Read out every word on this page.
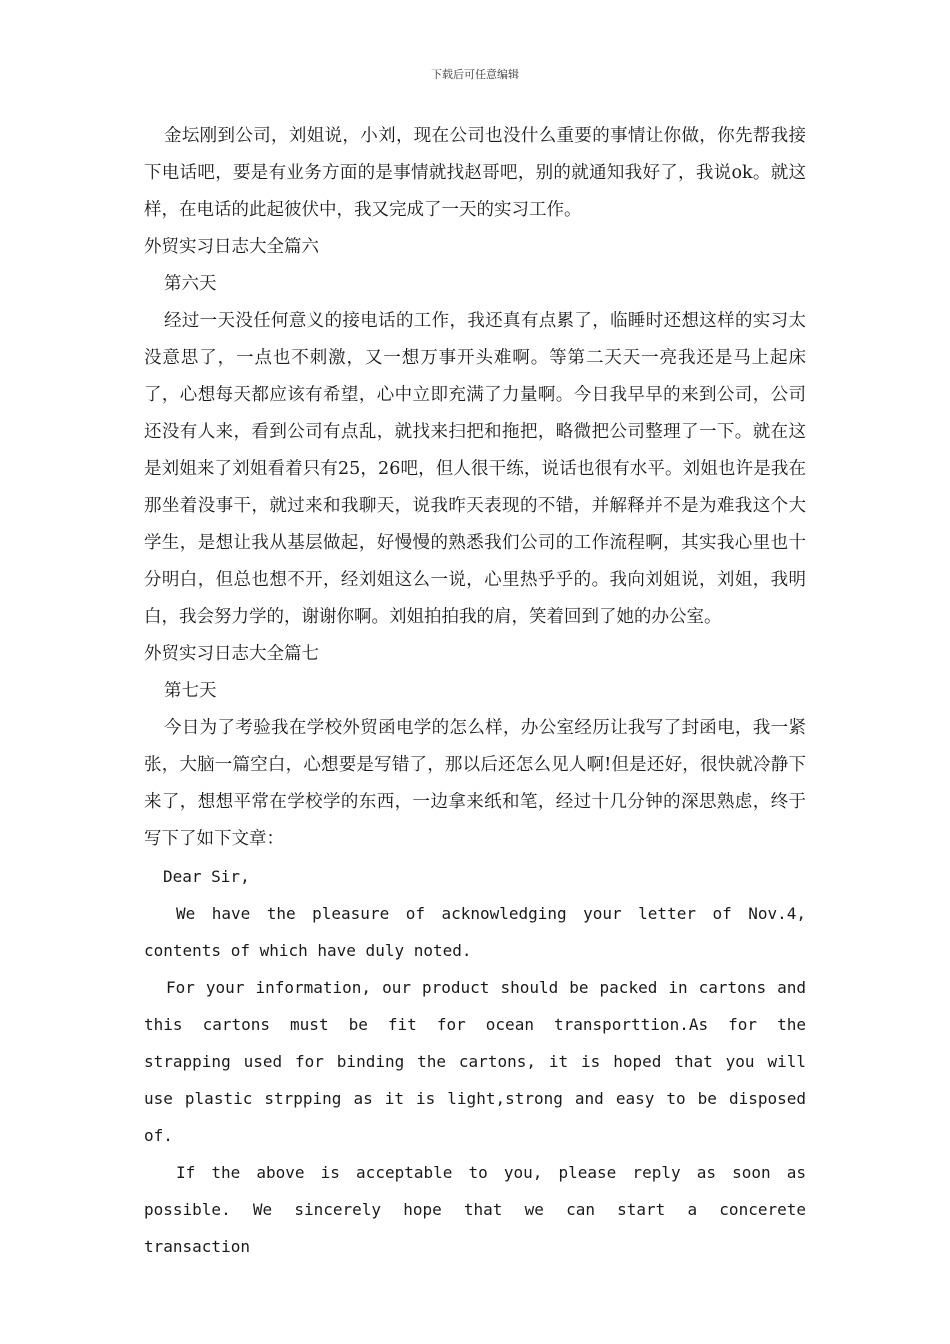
下载后可任意编辑

金坛刚到公司，刘姐说，小刘，现在公司也没什么重要的事情让你做，你先帮我接下电话吧，要是有业务方面的是事情就找赵哥吧，别的就通知我好了，我说ok。就这样，在电话的此起彼伏中，我又完成了一天的实习工作。

外贸实习日志大全篇六

第六天

经过一天没任何意义的接电话的工作，我还真有点累了，临睡时还想这样的实习太没意思了，一点也不刺激，又一想万事开头难啊。等第二天天一亮我还是马上起床了，心想每天都应该有希望，心中立即充满了力量啊。今日我早早的来到公司，公司还没有人来，看到公司有点乱，就找来扫把和拖把，略微把公司整理了一下。就在这是刘姐来了刘姐看着只有25，26吧，但人很干练，说话也很有水平。刘姐也许是我在那坐着没事干，就过来和我聊天，说我昨天表现的不错，并解释并不是为难我这个大学生，是想让我从基层做起，好慢慢的熟悉我们公司的工作流程啊，其实我心里也十分明白，但总也想不开，经刘姐这么一说，心里热乎乎的。我向刘姐说，刘姐，我明白，我会努力学的，谢谢你啊。刘姐拍拍我的肩，笑着回到了她的办公室。

外贸实习日志大全篇七

第七天

今日为了考验我在学校外贸函电学的怎么样，办公室经历让我写了封函电，我一紧张，大脑一篇空白，心想要是写错了，那以后还怎么见人啊!但是还好，很快就冷静下来了，想想平常在学校学的东西，一边拿来纸和笔，经过十几分钟的深思熟虑，终于写下了如下文章：

Dear Sir,

We have the pleasure of acknowledging your letter of Nov.4, contents of which have duly noted.

For your information, our product should be packed in cartons and this cartons must be fit for ocean transporttion.As for the strapping used for binding the cartons, it is hoped that you will use plastic strpping as it is light,strong and easy to be disposed of.

If the above is acceptable to you, please reply as soon as possible. We sincerely hope that we can start a concerete transaction
